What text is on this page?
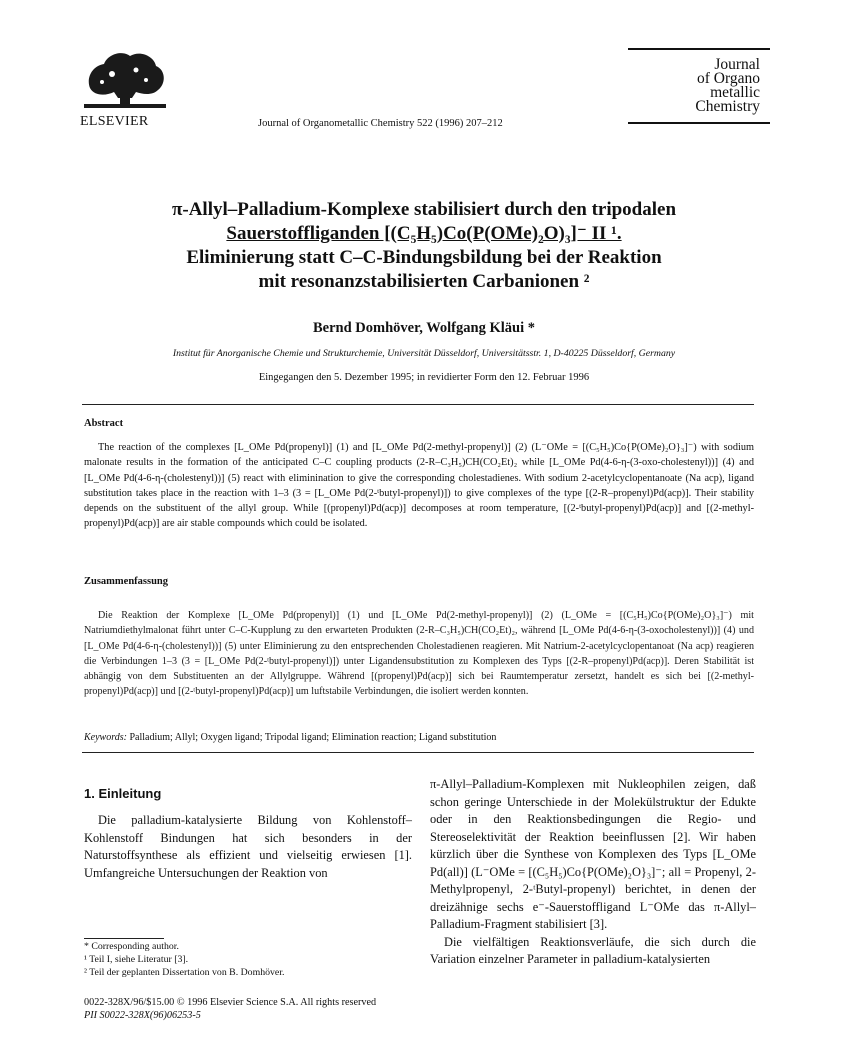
ELSEVIER	Journal of Organometallic Chemistry 522 (1996) 207–212
Journal
of Organo
metallic
Chemistry
π-Allyl–Palladium-Komplexe stabilisiert durch den tripodalen
Sauerstoffliganden [(C₅H₅)Co(P(OMe)₂O)₃]⁻ II ¹.
Eliminierung statt C–C-Bindungsbildung bei der Reaktion
mit resonanzstabilisierten Carbanionen ²
Bernd Domhöver, Wolfgang Kläui *
Institut für Anorganische Chemie und Strukturchemie, Universität Düsseldorf, Universitätsstr. 1, D-40225 Düsseldorf, Germany
Eingegangen den 5. Dezember 1995; in revidierter Form den 12. Februar 1996
Abstract
The reaction of the complexes [L_OMe Pd(propenyl)] (1) and [L_OMe Pd(2-methyl-propenyl)] (2) (L⁻OMe = [(C₅H₅)Co{P(OMe)₂O}₃]⁻) with sodium malonate results in the formation of the anticipated C–C coupling products (2-R–C₃H₅)CH(CO₂Et)₂ while [L_OMe Pd(4-6-η-(3-oxo-cholestenyl))] (4) and [L_OMe Pd(4-6-η-(cholestenyl))] (5) react with eliminination to give the corresponding cholestadienes. With sodium 2-acetylcyclopentanoate (Na acp), ligand substitution takes place in the reaction with 1–3 (3 = [L_OMe Pd(2-ᵗbutyl-propenyl)]) to give complexes of the type [(2-R–propenyl)Pd(acp)]. Their stability depends on the substituent of the allyl group. While [(propenyl)Pd(acp)] decomposes at room temperature, [(2-ᵗbutyl-propenyl)Pd(acp)] and [(2-methyl-propenyl)Pd(acp)] are air stable compounds which could be isolated.
Zusammenfassung
Die Reaktion der Komplexe [L_OMe Pd(propenyl)] (1) und [L_OMe Pd(2-methyl-propenyl)] (2) (L_OMe = [(C₅H₅)Co{P(OMe)₂O}₃]⁻) mit Natriumdiethylmalonat führt unter C–C-Kupplung zu den erwarteten Produkten (2-R–C₃H₅)CH(CO₂Et)₂, während [L_OMe Pd(4-6-η-(3-oxocholestenyl))] (4) und [L_OMe Pd(4-6-η-(cholestenyl))] (5) unter Eliminierung zu den entsprechenden Cholestadienen reagieren. Mit Natrium-2-acetylcyclopentanoat (Na acp) reagieren die Verbindungen 1–3 (3 = [L_OMe Pd(2-ᵗbutyl-propenyl)]) unter Ligandensubstitution zu Komplexen des Typs [(2-R–propenyl)Pd(acp)]. Deren Stabilität ist abhängig von dem Substituenten an der Allylgruppe. Während [(propenyl)Pd(acp)] sich bei Raumtemperatur zersetzt, handelt es sich bei [(2-methyl-propenyl)Pd(acp)] und [(2-ᵗbutyl-propenyl)Pd(acp)] um luftstabile Verbindungen, die isoliert werden konnten.
Keywords: Palladium; Allyl; Oxygen ligand; Tripodal ligand; Elimination reaction; Ligand substitution
1. Einleitung
Die palladium-katalysierte Bildung von Kohlenstoff–Kohlenstoff Bindungen hat sich besonders in der Naturstoffsynthese als effizient und vielseitig erwiesen [1]. Umfangreiche Untersuchungen der Reaktion von

π-Allyl–Palladium-Komplexen mit Nukleophilen zeigen, daß schon geringe Unterschiede in der Molekülstruktur der Edukte oder in den Reaktionsbedingungen die Regio- und Stereoselektivität der Reaktion beeinflussen [2]. Wir haben kürzlich über die Synthese von Komplexen des Typs [L_OMe Pd(all)] (L⁻OMe = [(C₅H₅)Co{P(OMe)₂O}₃]⁻; all = Propenyl, 2-Methylpropenyl, 2-ᵗButyl-propenyl) berichtet, in denen der dreizähnige sechs e⁻-Sauerstoffligand L⁻OMe das π-Allyl–Palladium-Fragment stabilisiert [3].

Die vielfältigen Reaktionsverläufe, die sich durch die Variation einzelner Parameter in palladium-katalysierten

* Corresponding author.
¹ Teil I, siehe Literatur [3].
² Teil der geplanten Dissertation von B. Domhöver.
0022-328X/96/$15.00 © 1996 Elsevier Science S.A. All rights reserved
PII S0022-328X(96)06253-5
